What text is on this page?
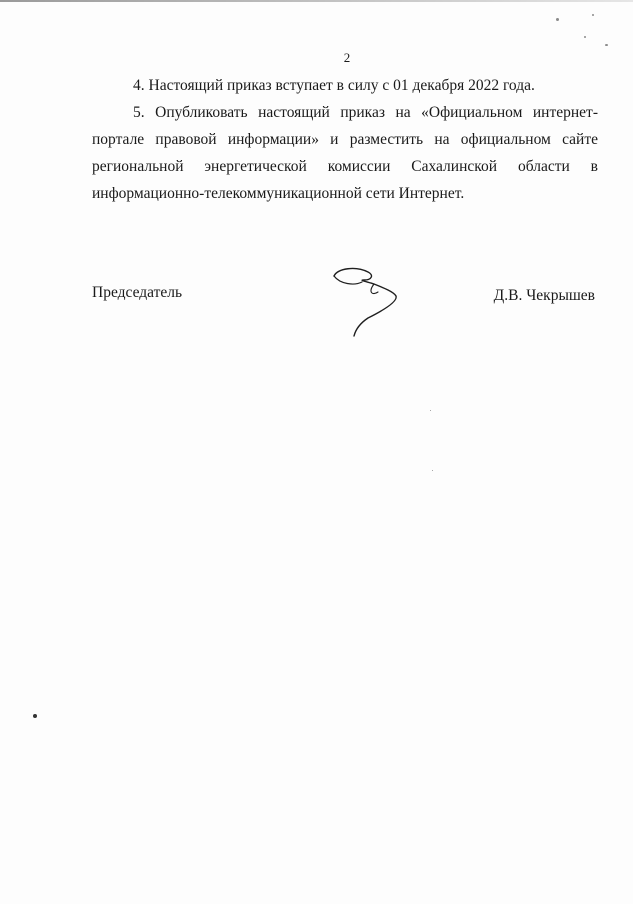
2
4. Настоящий приказ вступает в силу с 01 декабря 2022 года.
5. Опубликовать настоящий приказ на «Официальном интернет-портале правовой информации» и разместить на официальном сайте региональной энергетической комиссии Сахалинской области в информационно-телекоммуникационной сети Интернет.
Председатель	Д.В. Чекрышев
